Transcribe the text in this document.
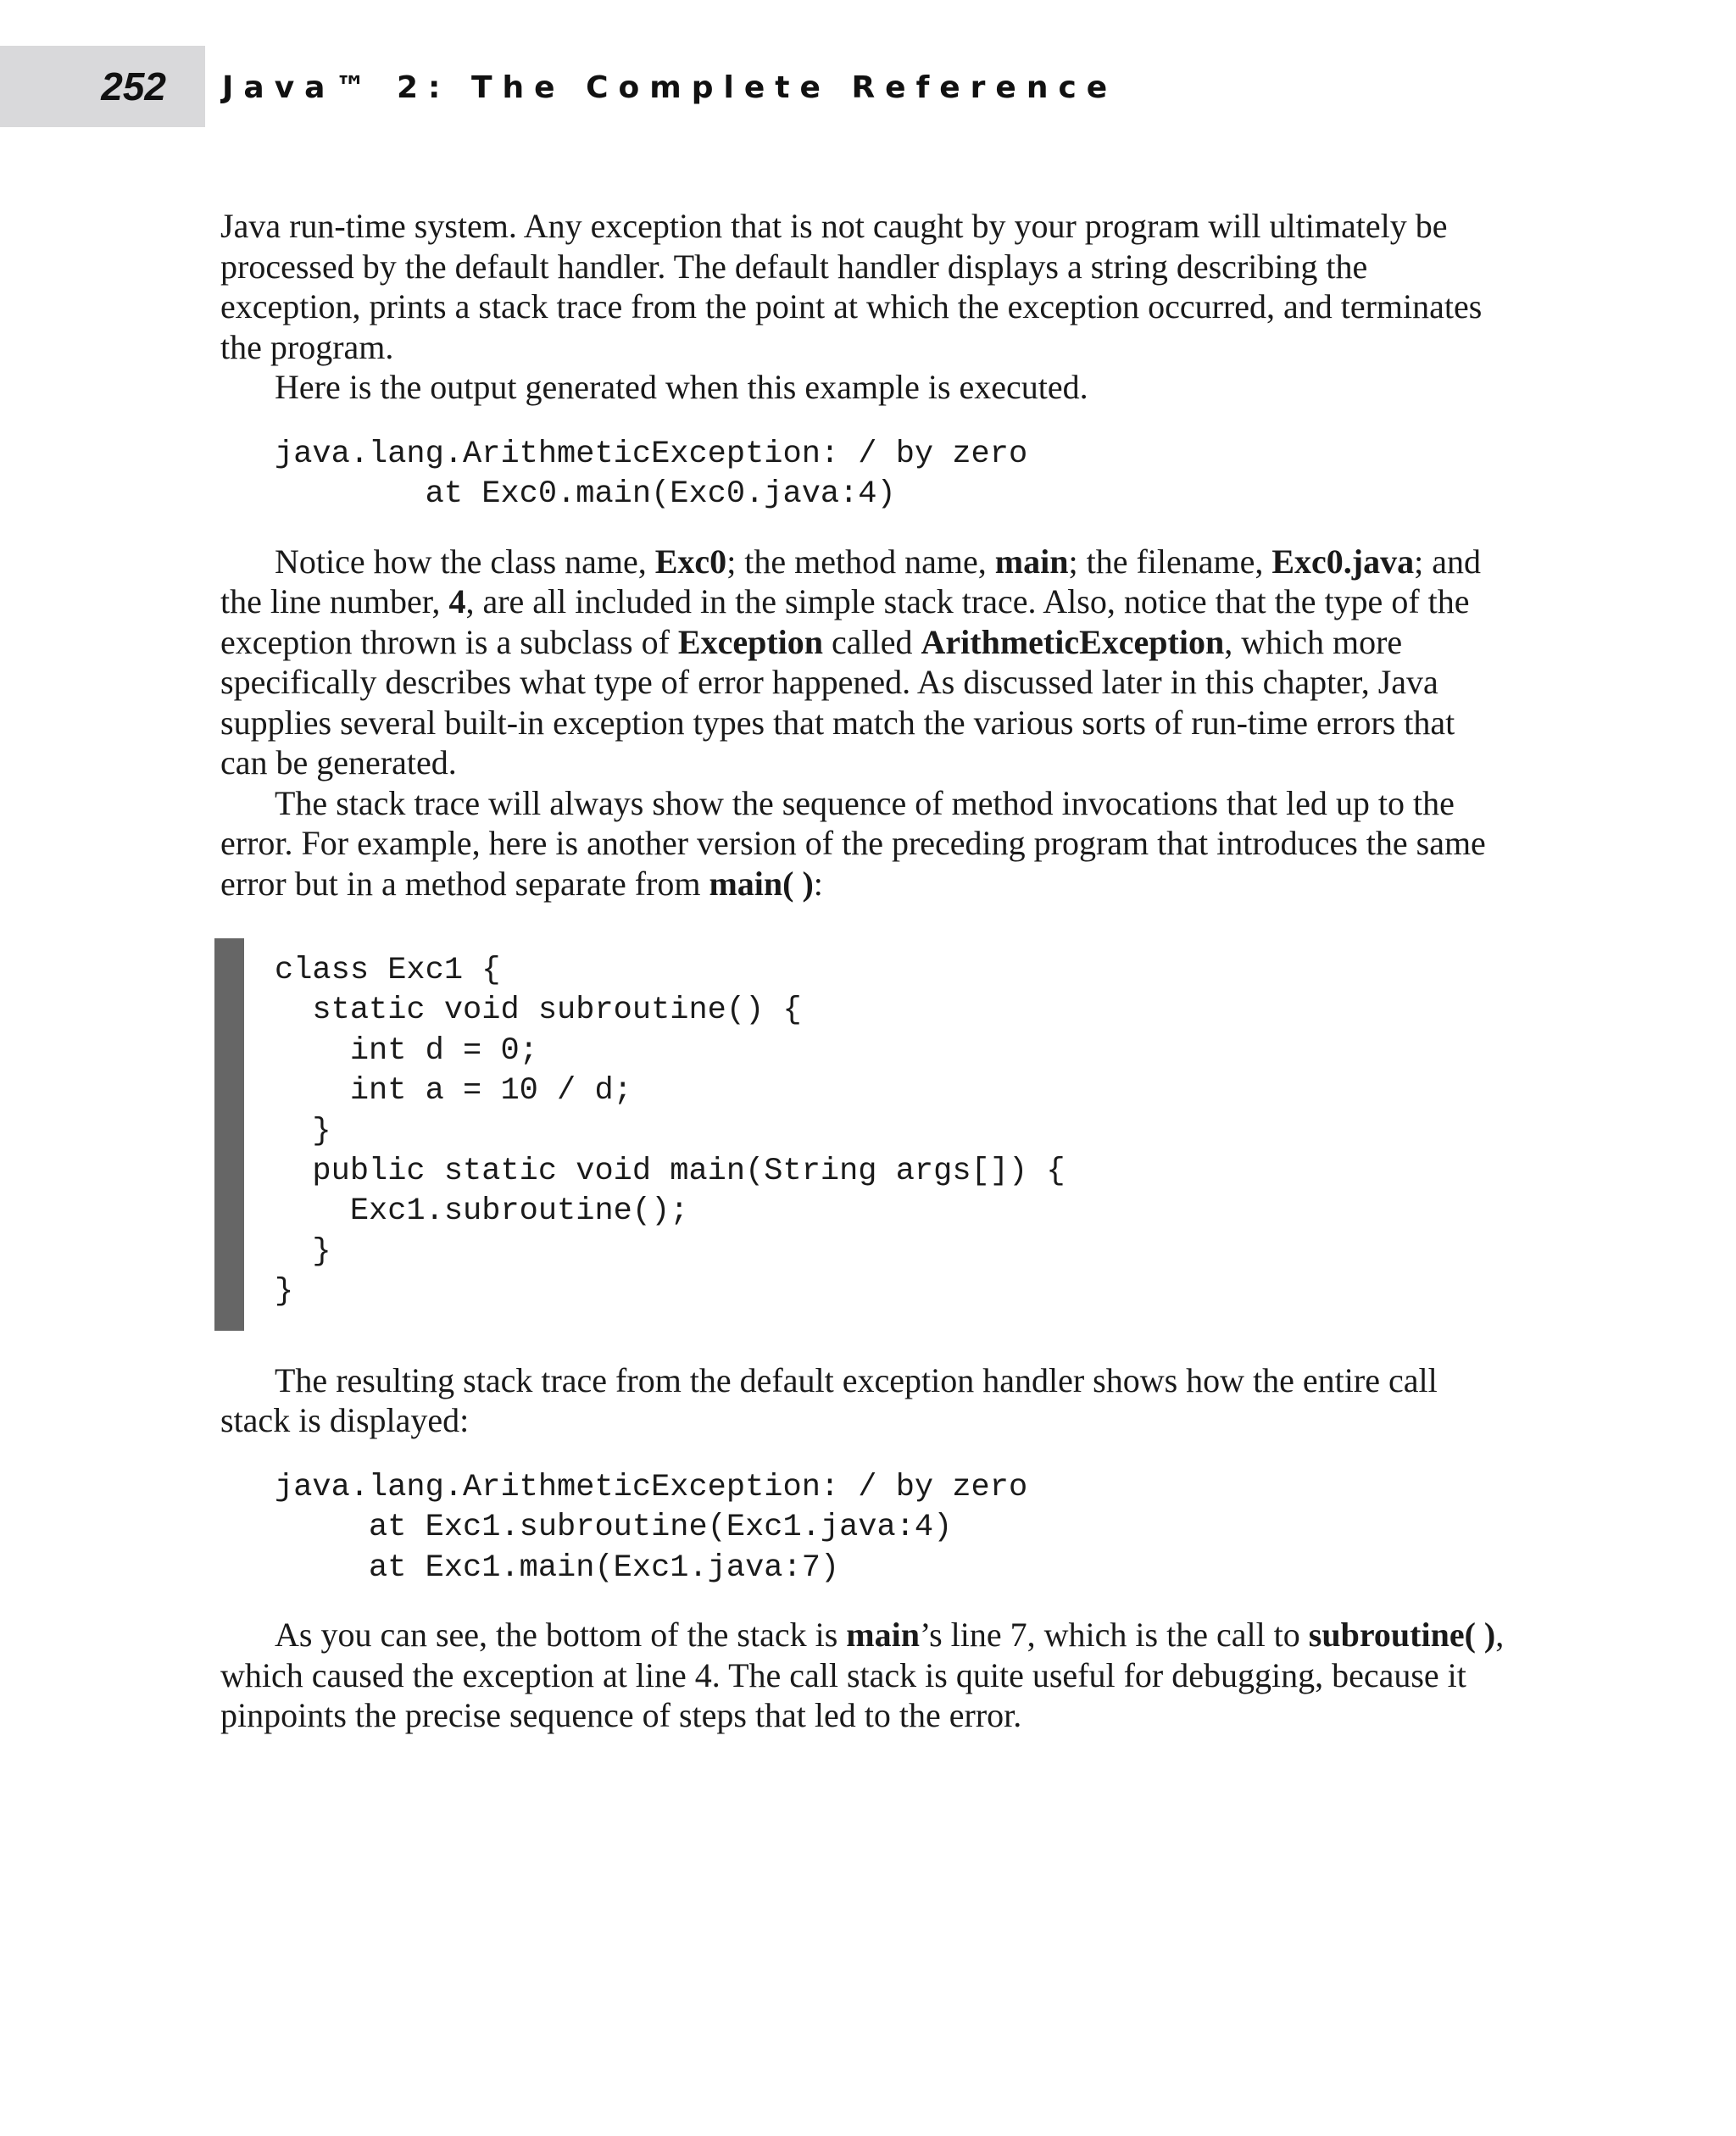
252 Java™ 2: The Complete Reference

Java run-time system. Any exception that is not caught by your program will ultimately be processed by the default handler. The default handler displays a string describing the exception, prints a stack trace from the point at which the exception occurred, and terminates the program.

Here is the output generated when this example is executed.

java.lang.ArithmeticException: / by zero
at Exc0.main(Exc0.java:4)

Notice how the class name, Exc0; the method name, main; the filename, Exc0.java; and the line number, 4, are all included in the simple stack trace. Also, notice that the type of the exception thrown is a subclass of Exception called ArithmeticException, which more specifically describes what type of error happened. As discussed later in this chapter, Java supplies several built-in exception types that match the various sorts of run-time errors that can be generated.

The stack trace will always show the sequence of method invocations that led up to the error. For example, here is another version of the preceding program that introduces the same error but in a method separate from main( ):

class Exc1 {
static void subroutine() {
int d = 0;
int a = 10 / d;
}
public static void main(String args[]) {
Exc1.subroutine();
}
}

The resulting stack trace from the default exception handler shows how the entire call stack is displayed:

java.lang.ArithmeticException: / by zero
at Exc1.subroutine(Exc1.java:4)
at Exc1.main(Exc1.java:7)

As you can see, the bottom of the stack is main’s line 7, which is the call to subroutine( ), which caused the exception at line 4. The call stack is quite useful for debugging, because it pinpoints the precise sequence of steps that led to the error.
